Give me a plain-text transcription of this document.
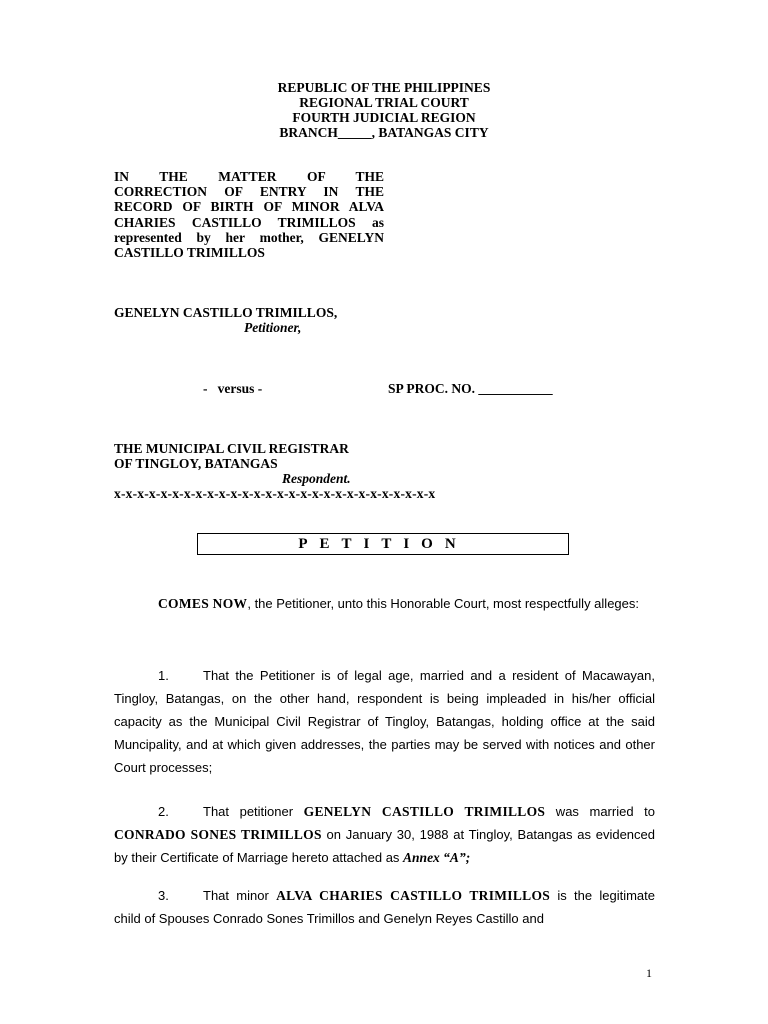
REPUBLIC OF THE PHILIPPINES
REGIONAL TRIAL COURT
FOURTH JUDICIAL REGION
BRANCH_____, BATANGAS CITY
IN THE MATTER OF THE
CORRECTION OF ENTRY IN THE
RECORD OF BIRTH OF MINOR ALVA
CHARIES CASTILLO TRIMILLOS as
represented by her mother, GENELYN
CASTILLO TRIMILLOS
GENELYN CASTILLO TRIMILLOS,
Petitioner,
-   versus -	SP PROC. NO. ___________
THE MUNICIPAL CIVIL REGISTRAR
OF TINGLOY, BATANGAS
Respondent.
x-x-x-x-x-x-x-x-x-x-x-x-x-x-x-x-x-x-x-x-x-x-x-x-x-x-x-x
PETITION
COMES NOW, the Petitioner, unto this Honorable Court, most respectfully alleges:
1.	That the Petitioner is of legal age, married and a resident of Macawayan, Tingloy, Batangas, on the other hand, respondent is being impleaded in his/her official capacity as the Municipal Civil Registrar of Tingloy, Batangas, holding office at the said Muncipality, and at which given addresses, the parties may be served with notices and other Court processes;
2.	That petitioner GENELYN CASTILLO TRIMILLOS was married to CONRADO SONES TRIMILLOS on January 30, 1988 at Tingloy, Batangas as evidenced by their Certificate of Marriage hereto attached as Annex “A”;
3.	That minor ALVA CHARIES CASTILLO TRIMILLOS is the legitimate child of Spouses Conrado Sones Trimillos and Genelyn Reyes Castillo and
1
